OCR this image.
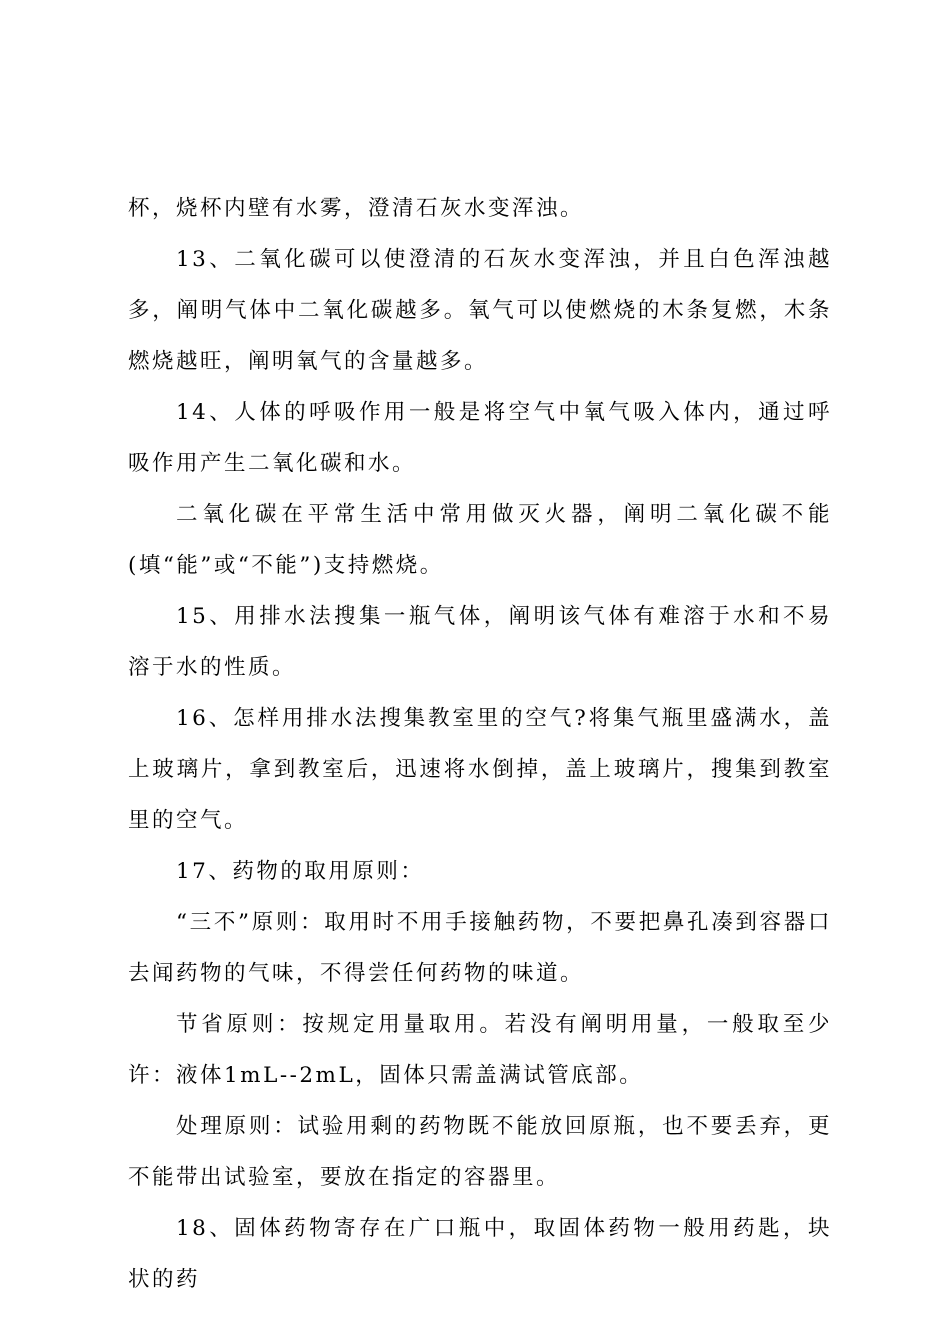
杯，烧杯内壁有水雾，澄清石灰水变浑浊。

13、二氧化碳可以使澄清的石灰水变浑浊，并且白色浑浊越多，阐明气体中二氧化碳越多。氧气可以使燃烧的木条复燃，木条燃烧越旺，阐明氧气的含量越多。

14、人体的呼吸作用一般是将空气中氧气吸入体内，通过呼吸作用产生二氧化碳和水。

二氧化碳在平常生活中常用做灭火器，阐明二氧化碳不能(填“能”或“不能”)支持燃烧。

15、用排水法搜集一瓶气体，阐明该气体有难溶于水和不易溶于水的性质。

16、怎样用排水法搜集教室里的空气?将集气瓶里盛满水，盖上玻璃片，拿到教室后，迅速将水倒掉，盖上玻璃片，搜集到教室里的空气。

17、药物的取用原则：

“三不”原则：取用时不用手接触药物，不要把鼻孔凑到容器口去闻药物的气味，不得尝任何药物的味道。

节省原则：按规定用量取用。若没有阐明用量，一般取至少许：液体1mL--2mL，固体只需盖满试管底部。

处理原则：试验用剩的药物既不能放回原瓶，也不要丢弃，更不能带出试验室，要放在指定的容器里。

18、固体药物寄存在广口瓶中，取固体药物一般用药匙，块状的药
